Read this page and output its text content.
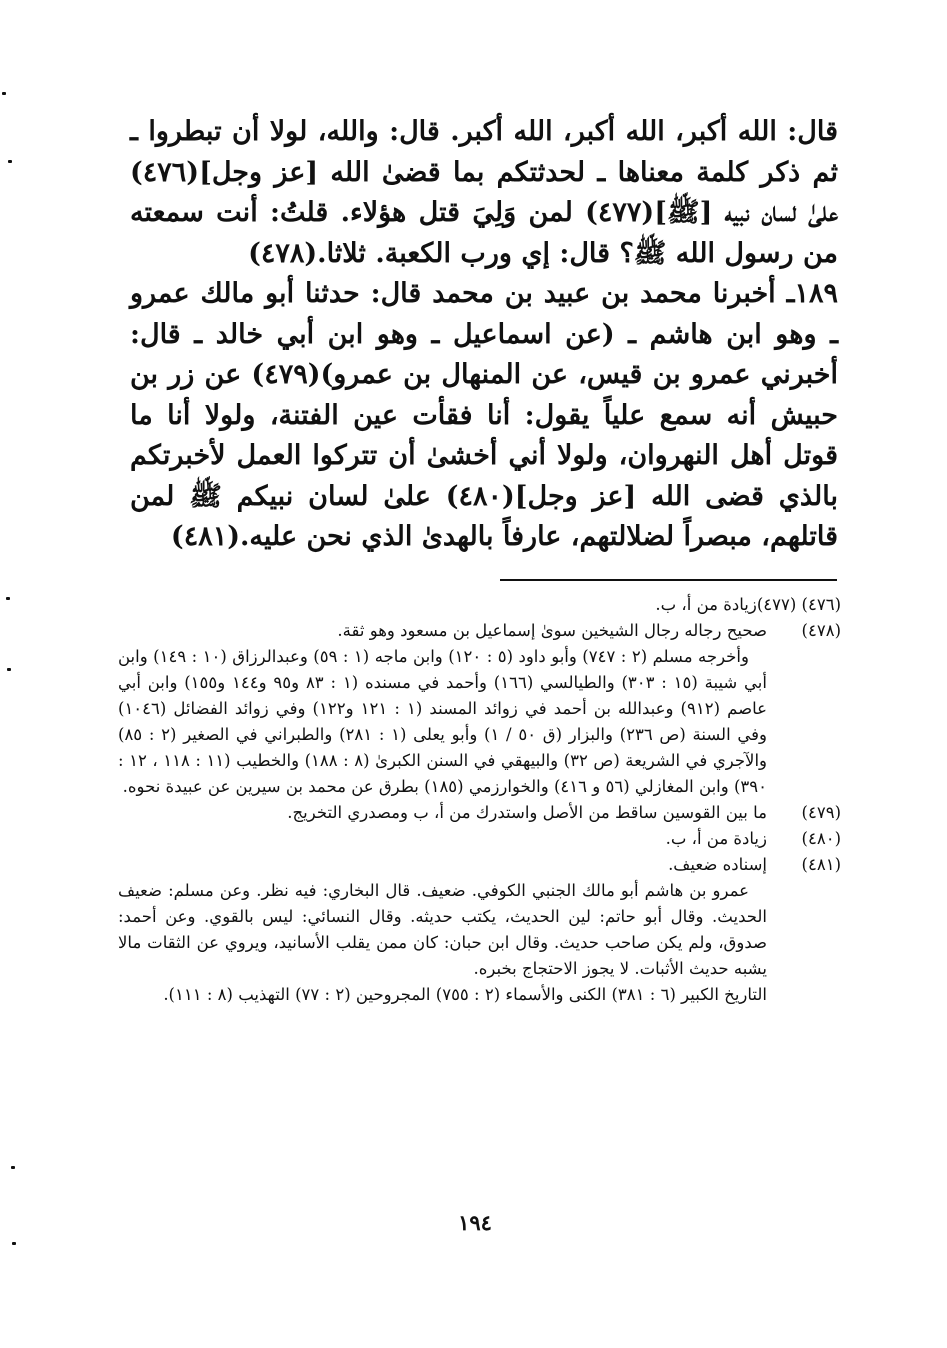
قال: الله أكبر، الله أكبر، الله أكبر. قال: والله، لولا أن تبطروا ـ ثم ذكر كلمة معناها ـ لحدثتكم بما قضىٰ الله [عز وجل](٤٧٦) علىٰ لسان نبيه [ﷺ](٤٧٧) لمن وَلِيَ قتل هؤلاء. قلتُ: أنت سمعته من رسول الله ﷺ؟ قال: إي ورب الكعبة. ثلاثا.(٤٧٨)

١٨٩ـ أخبرنا محمد بن عبيد بن محمد قال: حدثنا أبو مالك عمرو ـ وهو ابن هاشم ـ (عن اسماعيل ـ وهو ابن أبي خالد ـ قال: أخبرني عمرو بن قيس، عن المنهال بن عمرو)(٤٧٩) عن زر بن حبيش أنه سمع علياً يقول: أنا فقأت عين الفتنة، ولولا أنا ما قوتل أهل النهروان، ولولا أني أخشىٰ أن تتركوا العمل لأخبرتكم بالذي قضى الله [عز وجل](٤٨٠) علىٰ لسان نبيكم ﷺ لمن قاتلهم، مبصراً لضلالتهم، عارفاً بالهدىٰ الذي نحن عليه.(٤٨١)

(٤٧٦) (٤٧٧)
زيادة من أ، ب.
(٤٧٨)
صحيح رجاله رجال الشيخين سوىٰ إسماعيل بن مسعود وهو ثقة.

وأخرجه مسلم (٢ : ٧٤٧) وأبو داود (٥ : ١٢٠) وابن ماجه (١ : ٥٩) وعبدالرزاق (١٠ : ١٤٩) وابن أبي شيبة (١٥ : ٣٠٣) والطيالسي (١٦٦) وأحمد في مسنده (١ : ٨٣ و٩٥ و١٤٤ و١٥٥) وابن أبي عاصم (٩١٢) وعبدالله بن أحمد في زوائد المسند (١ : ١٢١ و١٢٢) وفي زوائد الفضائل (١٠٤٦) وفي السنة (ص ٢٣٦) والبزار (ق ٥٠ / ١) وأبو يعلى (١ : ٢٨١) والطبراني في الصغير (٢ : ٨٥) والآجري في الشريعة (ص ٣٢) والبيهقي في السنن الكبرىٰ (٨ : ١٨٨) والخطيب (١١ : ١١٨ ، ١٢ : ٣٩٠) وابن المغازلي (٥٦ و ٤١٦) والخوارزمي (١٨٥) بطرق عن محمد بن سيرين عن عبيدة نحوه.

(٤٧٩)
ما بين القوسين ساقط من الأصل واستدرك من أ، ب ومصدري التخريج.
(٤٨٠)
زيادة من أ، ب.
(٤٨١)
إسناده ضعيف.

عمرو بن هاشم أبو مالك الجنبي الكوفي. ضعيف. قال البخاري: فيه نظر. وعن مسلم: ضعيف الحديث. وقال أبو حاتم: لين الحديث، يكتب حديثه. وقال النسائي: ليس بالقوي. وعن أحمد: صدوق، ولم يكن صاحب حديث. وقال ابن حبان: كان ممن يقلب الأسانيد، ويروي عن الثقات مالا يشبه حديث الأثبات. لا يجوز الاحتجاج بخبره.

التاريخ الكبير (٦ : ٣٨١) الكنى والأسماء (٢ : ٧٥٥) المجروحين (٢ : ٧٧) التهذيب (٨ : ١١١).

١٩٤
